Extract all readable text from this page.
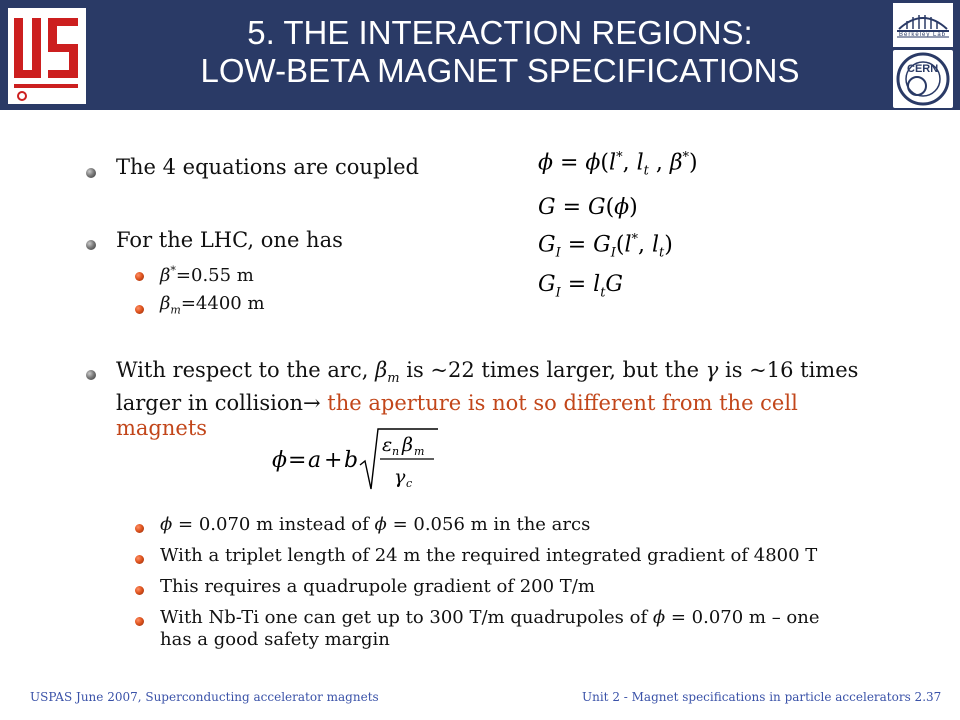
5. THE INTERACTION REGIONS:
LOW-BETA MAGNET SPECIFICATIONS
Berkeley Lab
CERN
The 4 equations are coupled
For the LHC, one has
β*=0.55 m
$\beta_m=4400$ m
ϕ = ϕ(l*, $l_t$ , β*)
G = G(ϕ)
$G_I = G_I(l^*$, $l_t$)
$G_I = l_tG$
With respect to the arc, $\beta_m$ is ~22 times larger, but the γ is ~16 times
larger in collision→ the aperture is not so different from the cell
magnets
ϕ = a + b
ε n β m
γ c
ϕ = 0.070 m instead of ϕ = 0.056 m in the arcs
With a triplet length of 24 m the required integrated gradient of 4800 T
This requires a quadrupole gradient of 200 T/m
With Nb-Ti one can get up to 300 T/m quadrupoles of ϕ = 0.070 m – one
has a good safety margin
USPAS June 2007, Superconducting accelerator magnets	Unit 2 - Magnet specifications in particle accelerators 2.37
